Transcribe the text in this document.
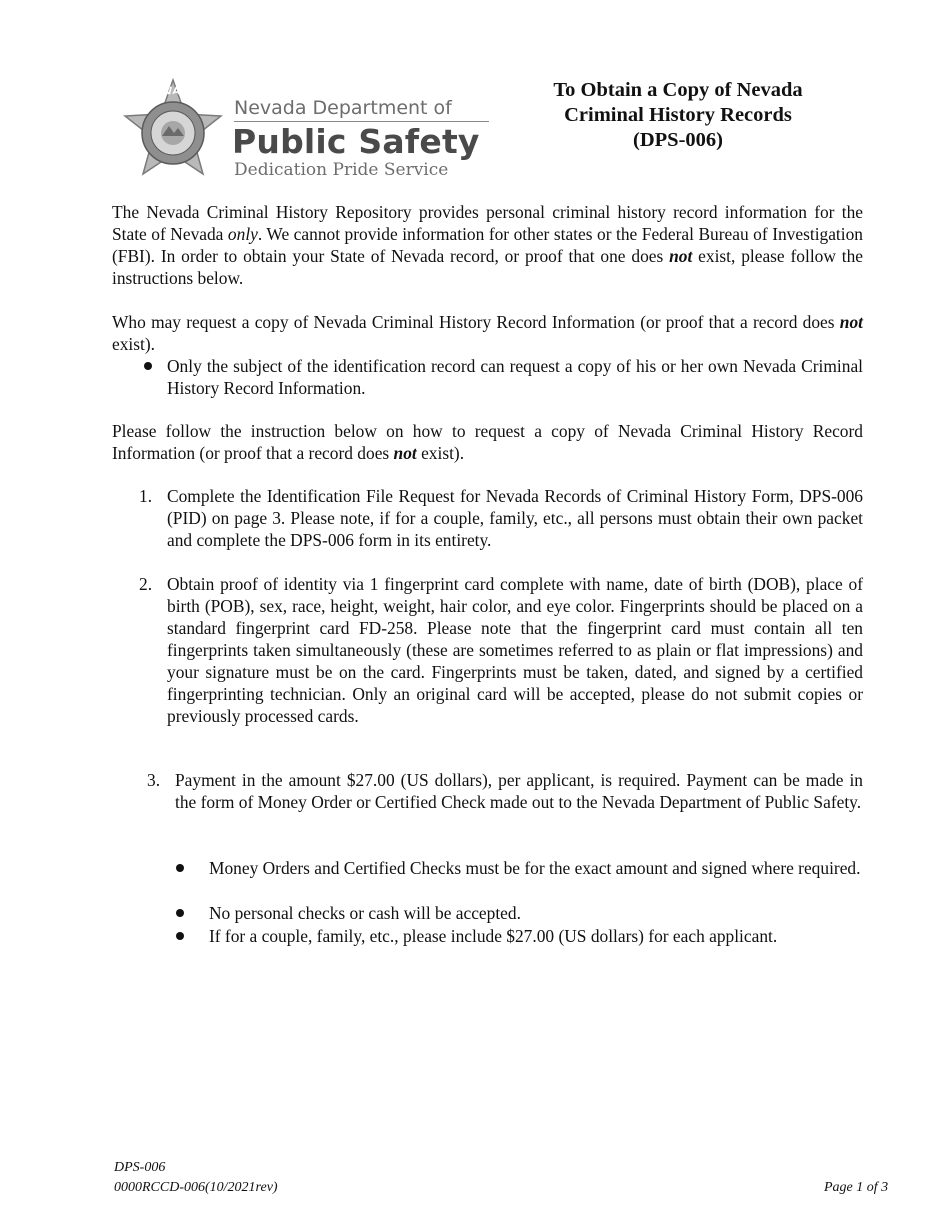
NEVADA Nevada Department of
Public Safety
Dedication Pride Service
To Obtain a Copy of Nevada
Criminal History Records
(DPS-006)

The Nevada Criminal History Repository provides personal criminal history record information for the State of Nevada only. We cannot provide information for other states or the Federal Bureau of Investigation (FBI). In order to obtain your State of Nevada record, or proof that one does not exist, please follow the instructions below.

Who may request a copy of Nevada Criminal History Record Information (or proof that a record does not exist).

Only the subject of the identification record can request a copy of his or her own Nevada Criminal History Record Information.

Please follow the instruction below on how to request a copy of Nevada Criminal History Record Information (or proof that a record does not exist).

1. Complete the Identification File Request for Nevada Records of Criminal History Form, DPS-006 (PID) on page 3. Please note, if for a couple, family, etc., all persons must obtain their own packet and complete the DPS-006 form in its entirety.
2. Obtain proof of identity via 1 fingerprint card complete with name, date of birth (DOB), place of birth (POB), sex, race, height, weight, hair color, and eye color. Fingerprints should be placed on a standard fingerprint card FD-258. Please note that the fingerprint card must contain all ten fingerprints taken simultaneously (these are sometimes referred to as plain or flat impressions) and your signature must be on the card. Fingerprints must be taken, dated, and signed by a certified fingerprinting technician. Only an original card will be accepted, please do not submit copies or previously processed cards.
3. Payment in the amount $27.00 (US dollars), per applicant, is required. Payment can be made in the form of Money Order or Certified Check made out to the Nevada Department of Public Safety.
Money Orders and Certified Checks must be for the exact amount and signed where required.
No personal checks or cash will be accepted.
If for a couple, family, etc., please include $27.00 (US dollars) for each applicant.
DPS-006
0000RCCD-006(10/2021rev)	Page 1 of 3
